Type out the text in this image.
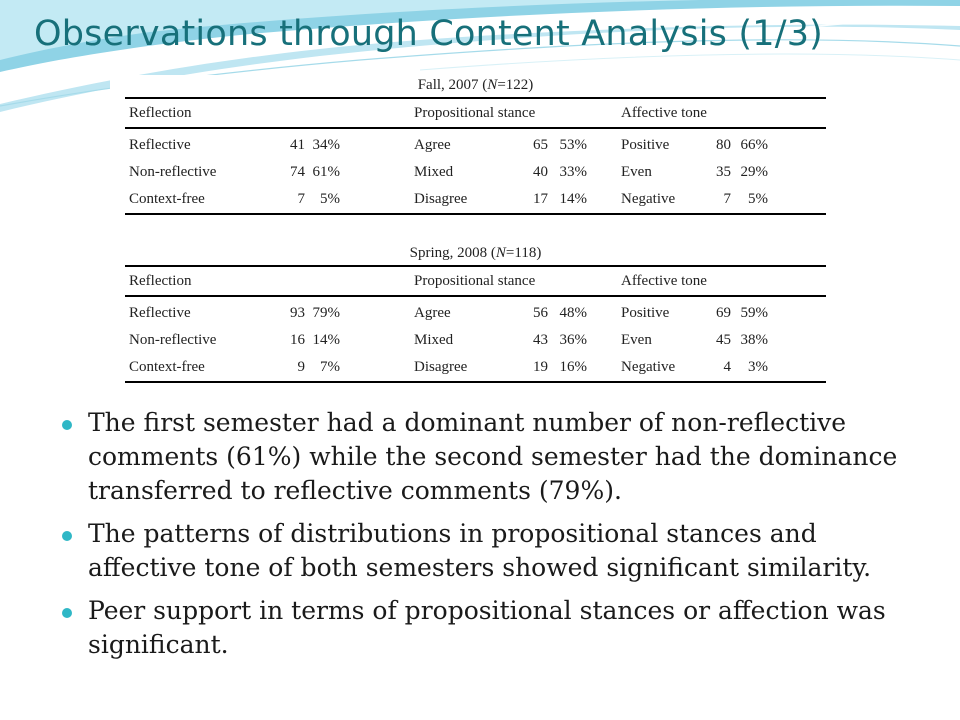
Observations through Content Analysis (1/3)
Fall, 2007 (N=122)
Reflection			Propositional stance			Affective tone		
Reflective	41	34%	Agree	65	53%	Positive	80	66%
Non-reflective	74	61%	Mixed	40	33%	Even	35	29%
Context-free	7	5%	Disagree	17	14%	Negative	7	5%
Spring, 2008 (N=118)
Reflection			Propositional stance			Affective tone		
Reflective	93	79%	Agree	56	48%	Positive	69	59%
Non-reflective	16	14%	Mixed	43	36%	Even	45	38%
Context-free	9	7%	Disagree	19	16%	Negative	4	3%
The first semester had a dominant number of non-reflective comments (61%) while the second semester had the dominance transferred to reflective comments (79%).
The patterns of distributions in propositional stances and affective tone of both semesters showed significant similarity.
Peer support in terms of propositional stances or affection was significant.
